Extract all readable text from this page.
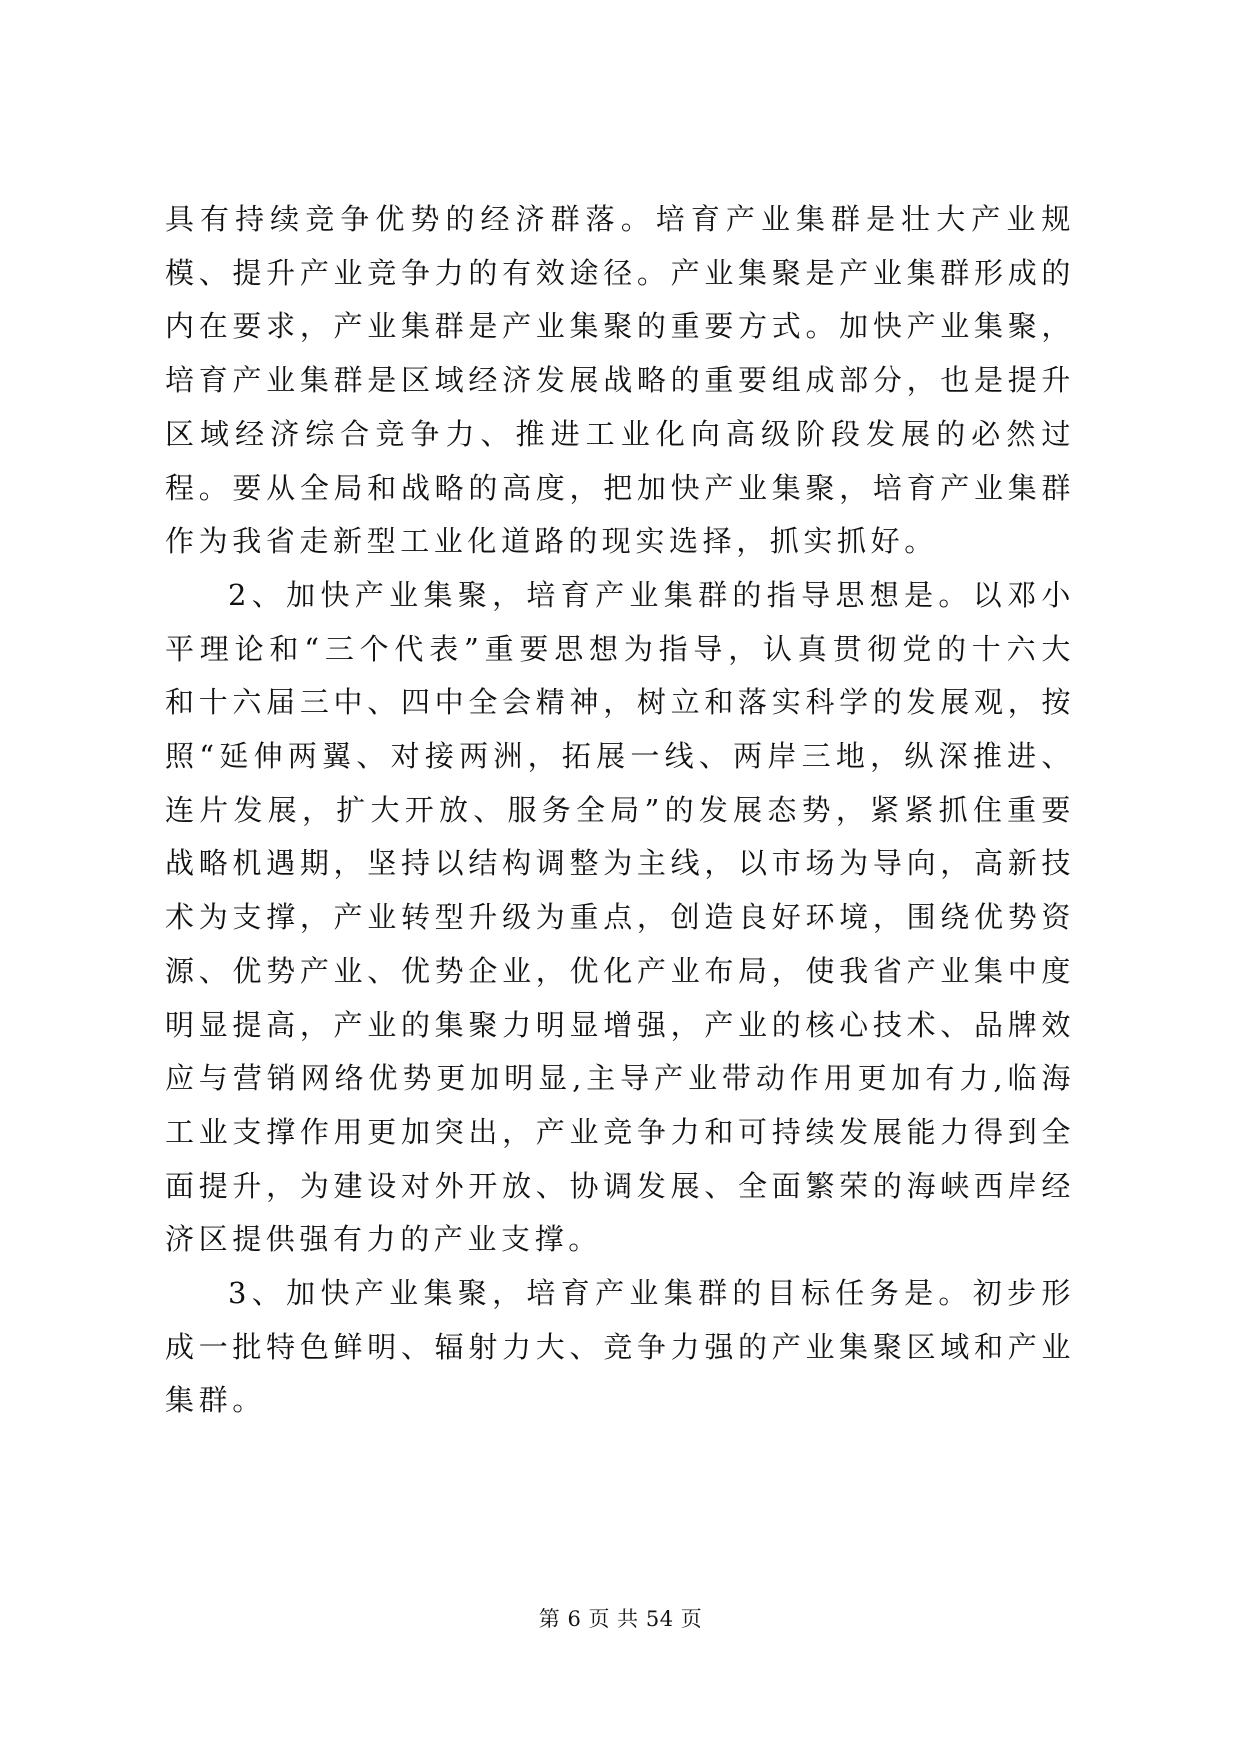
具有持续竞争优势的经济群落。培育产业集群是壮大产业规模、提升产业竞争力的有效途径。产业集聚是产业集群形成的内在要求，产业集群是产业集聚的重要方式。加快产业集聚，培育产业集群是区域经济发展战略的重要组成部分，也是提升区域经济综合竞争力、推进工业化向高级阶段发展的必然过程。要从全局和战略的高度，把加快产业集聚，培育产业集群作为我省走新型工业化道路的现实选择，抓实抓好。

2、加快产业集聚，培育产业集群的指导思想是。以邓小平理论和“三个代表”重要思想为指导，认真贯彻党的十六大和十六届三中、四中全会精神，树立和落实科学的发展观，按照“延伸两翼、对接两洲，拓展一线、两岸三地，纵深推进、连片发展，扩大开放、服务全局”的发展态势，紧紧抓住重要战略机遇期，坚持以结构调整为主线，以市场为导向，高新技术为支撑，产业转型升级为重点，创造良好环境，围绕优势资源、优势产业、优势企业，优化产业布局，使我省产业集中度明显提高，产业的集聚力明显增强，产业的核心技术、品牌效应与营销网络优势更加明显,主导产业带动作用更加有力,临海工业支撑作用更加突出，产业竞争力和可持续发展能力得到全面提升，为建设对外开放、协调发展、全面繁荣的海峡西岸经济区提供强有力的产业支撑。

3、加快产业集聚，培育产业集群的目标任务是。初步形成一批特色鲜明、辐射力大、竞争力强的产业集聚区域和产业集群。

第 6 页 共 54 页
